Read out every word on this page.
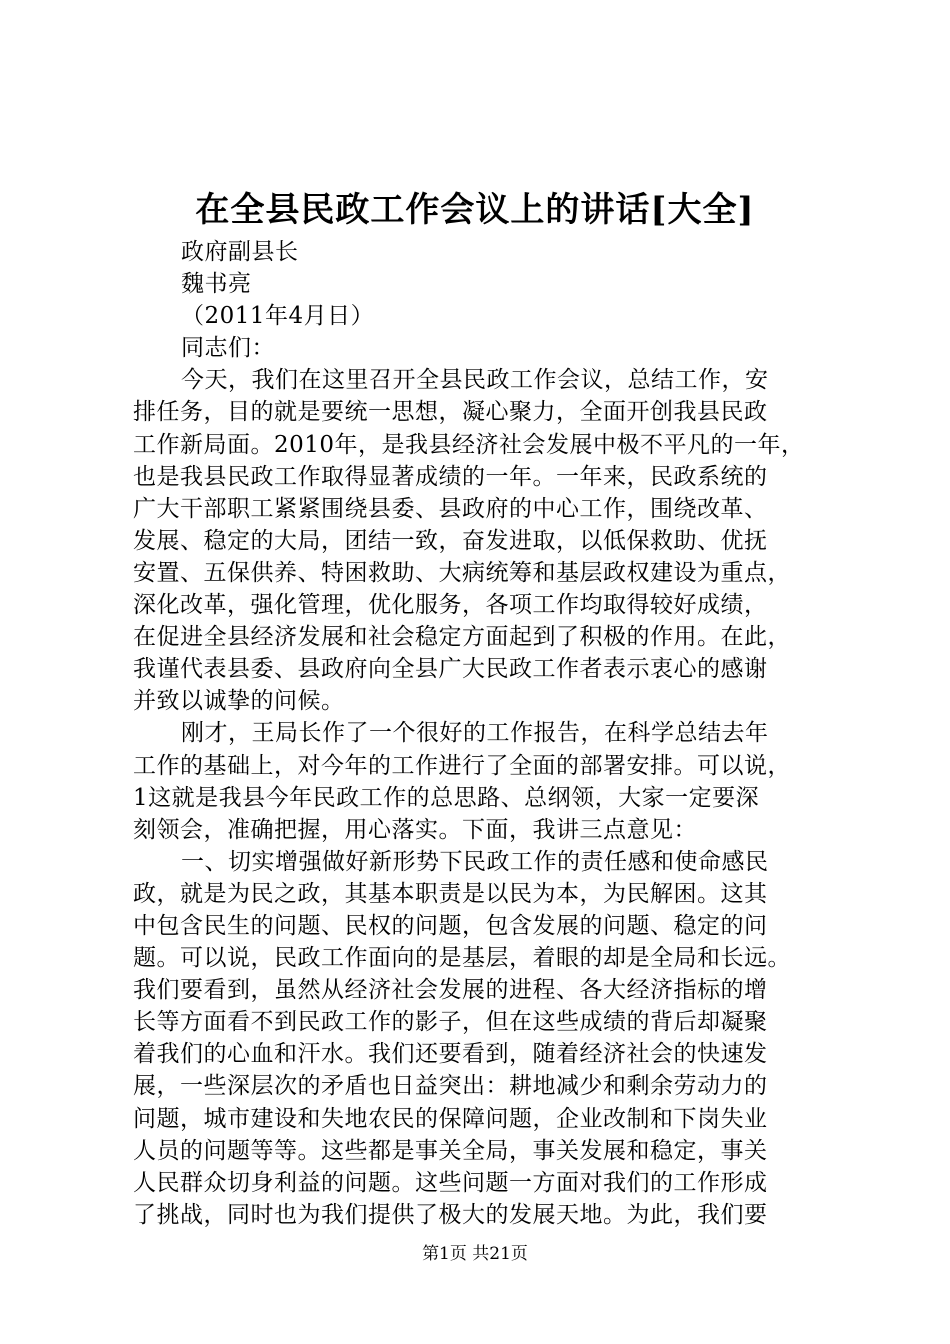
在全县民政工作会议上的讲话[大全]
政府副县长
魏书亮
（2011年4月日）
同志们：
今天，我们在这里召开全县民政工作会议，总结工作，安
排任务，目的就是要统一思想，凝心聚力，全面开创我县民政
工作新局面。2010年，是我县经济社会发展中极不平凡的一年，
也是我县民政工作取得显著成绩的一年。一年来，民政系统的
广大干部职工紧紧围绕县委、县政府的中心工作，围绕改革、
发展、稳定的大局，团结一致，奋发进取，以低保救助、优抚
安置、五保供养、特困救助、大病统筹和基层政权建设为重点，
深化改革，强化管理，优化服务，各项工作均取得较好成绩，
在促进全县经济发展和社会稳定方面起到了积极的作用。在此，
我谨代表县委、县政府向全县广大民政工作者表示衷心的感谢
并致以诚挚的问候。
刚才，王局长作了一个很好的工作报告，在科学总结去年
工作的基础上，对今年的工作进行了全面的部署安排。可以说，
1这就是我县今年民政工作的总思路、总纲领，大家一定要深
刻领会，准确把握，用心落实。下面，我讲三点意见：
一、切实增强做好新形势下民政工作的责任感和使命感民
政，就是为民之政，其基本职责是以民为本，为民解困。这其
中包含民生的问题、民权的问题，包含发展的问题、稳定的问
题。可以说，民政工作面向的是基层，着眼的却是全局和长远。
我们要看到，虽然从经济社会发展的进程、各大经济指标的增
长等方面看不到民政工作的影子，但在这些成绩的背后却凝聚
着我们的心血和汗水。我们还要看到，随着经济社会的快速发
展，一些深层次的矛盾也日益突出：耕地减少和剩余劳动力的
问题，城市建设和失地农民的保障问题，企业改制和下岗失业
人员的问题等等。这些都是事关全局，事关发展和稳定，事关
人民群众切身利益的问题。这些问题一方面对我们的工作形成
了挑战，同时也为我们提供了极大的发展天地。为此，我们要
第1页 共21页
